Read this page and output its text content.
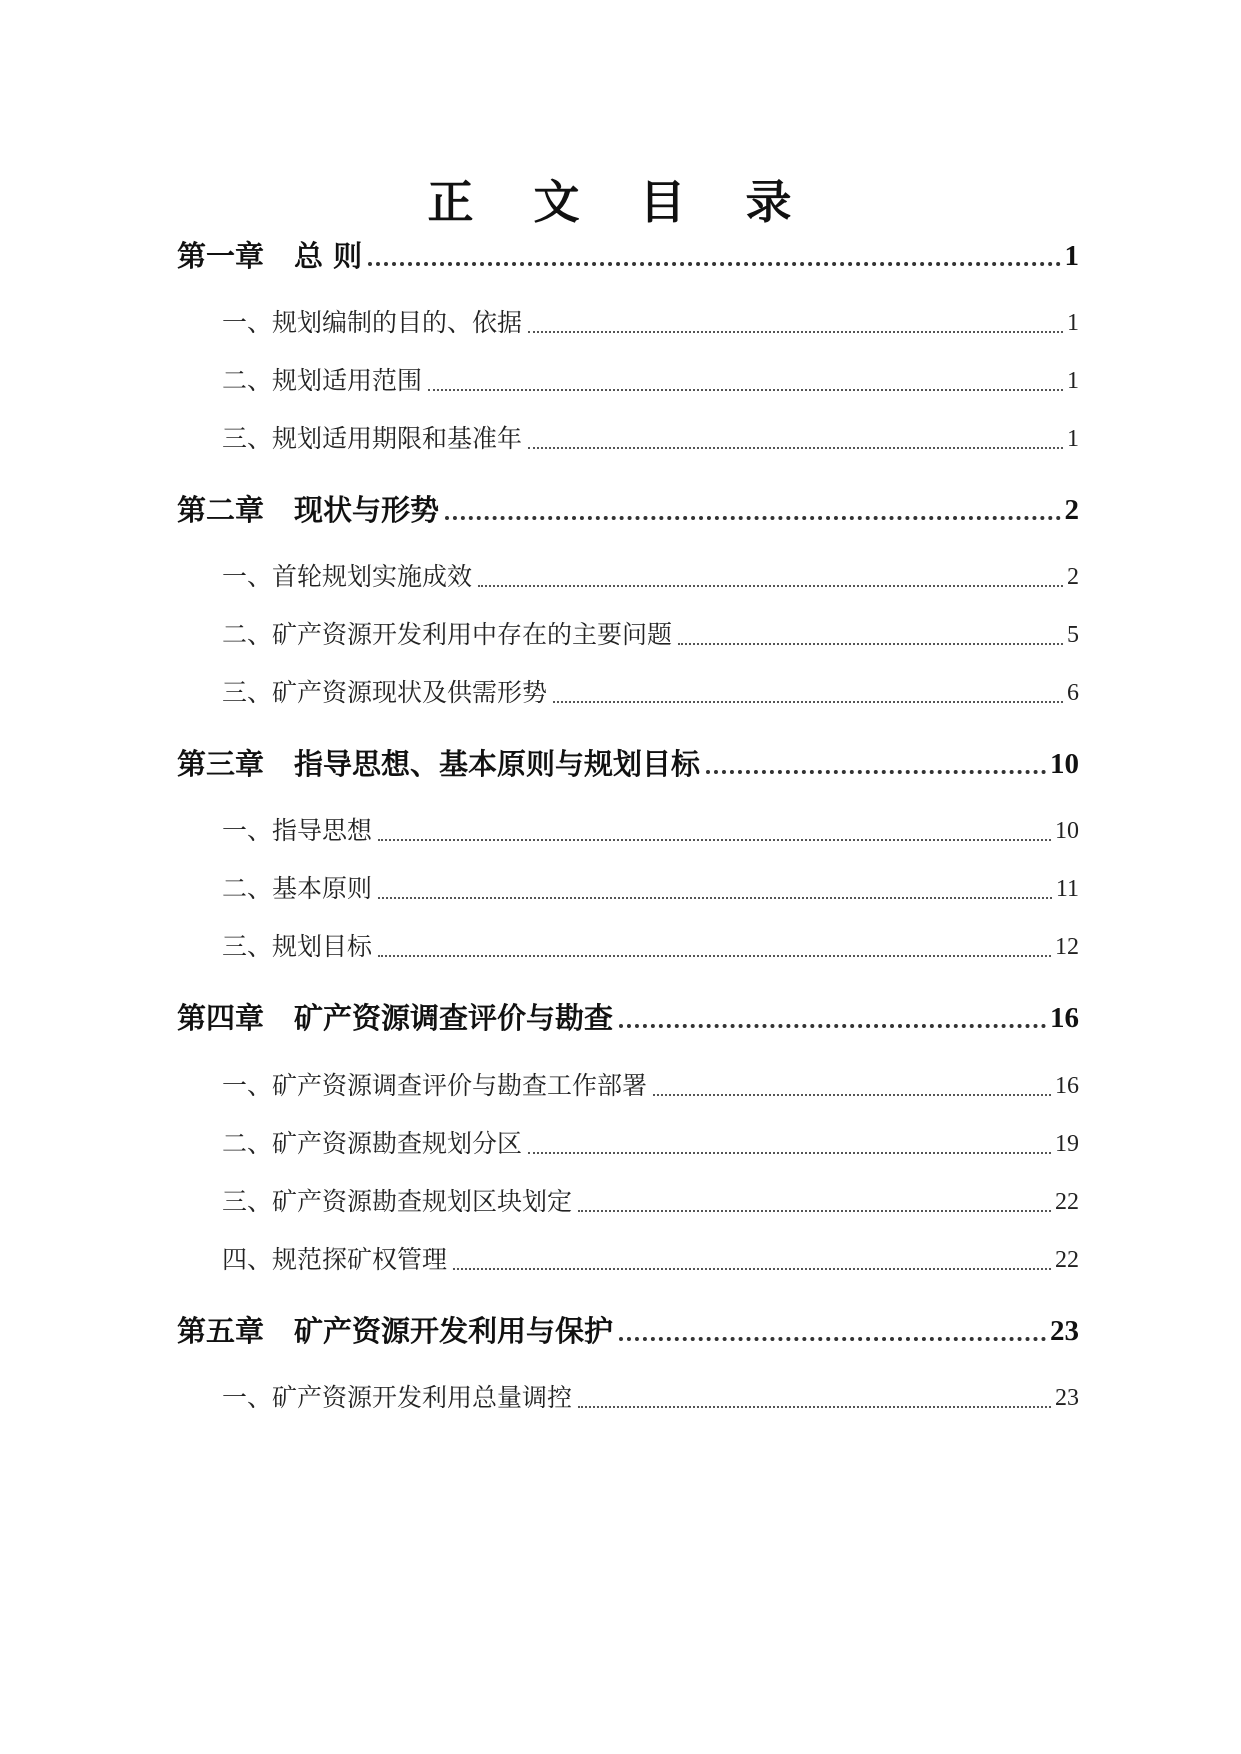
正 文 目 录
第一章 总 则	1
一、 规划编制的目的、依据	1
二、 规划适用范围	1
三、 规划适用期限和基准年	1
第二章 现状与形势	2
一、 首轮规划实施成效	2
二、 矿产资源开发利用中存在的主要问题	5
三、 矿产资源现状及供需形势	6
第三章 指导思想、基本原则与规划目标	10
一、 指导思想	10
二、 基本原则	11
三、 规划目标	12
第四章 矿产资源调查评价与勘查	16
一、 矿产资源调查评价与勘查工作部署	16
二、 矿产资源勘查规划分区	19
三、 矿产资源勘查规划区块划定	22
四、 规范探矿权管理	22
第五章 矿产资源开发利用与保护	23
一、 矿产资源开发利用总量调控	23
